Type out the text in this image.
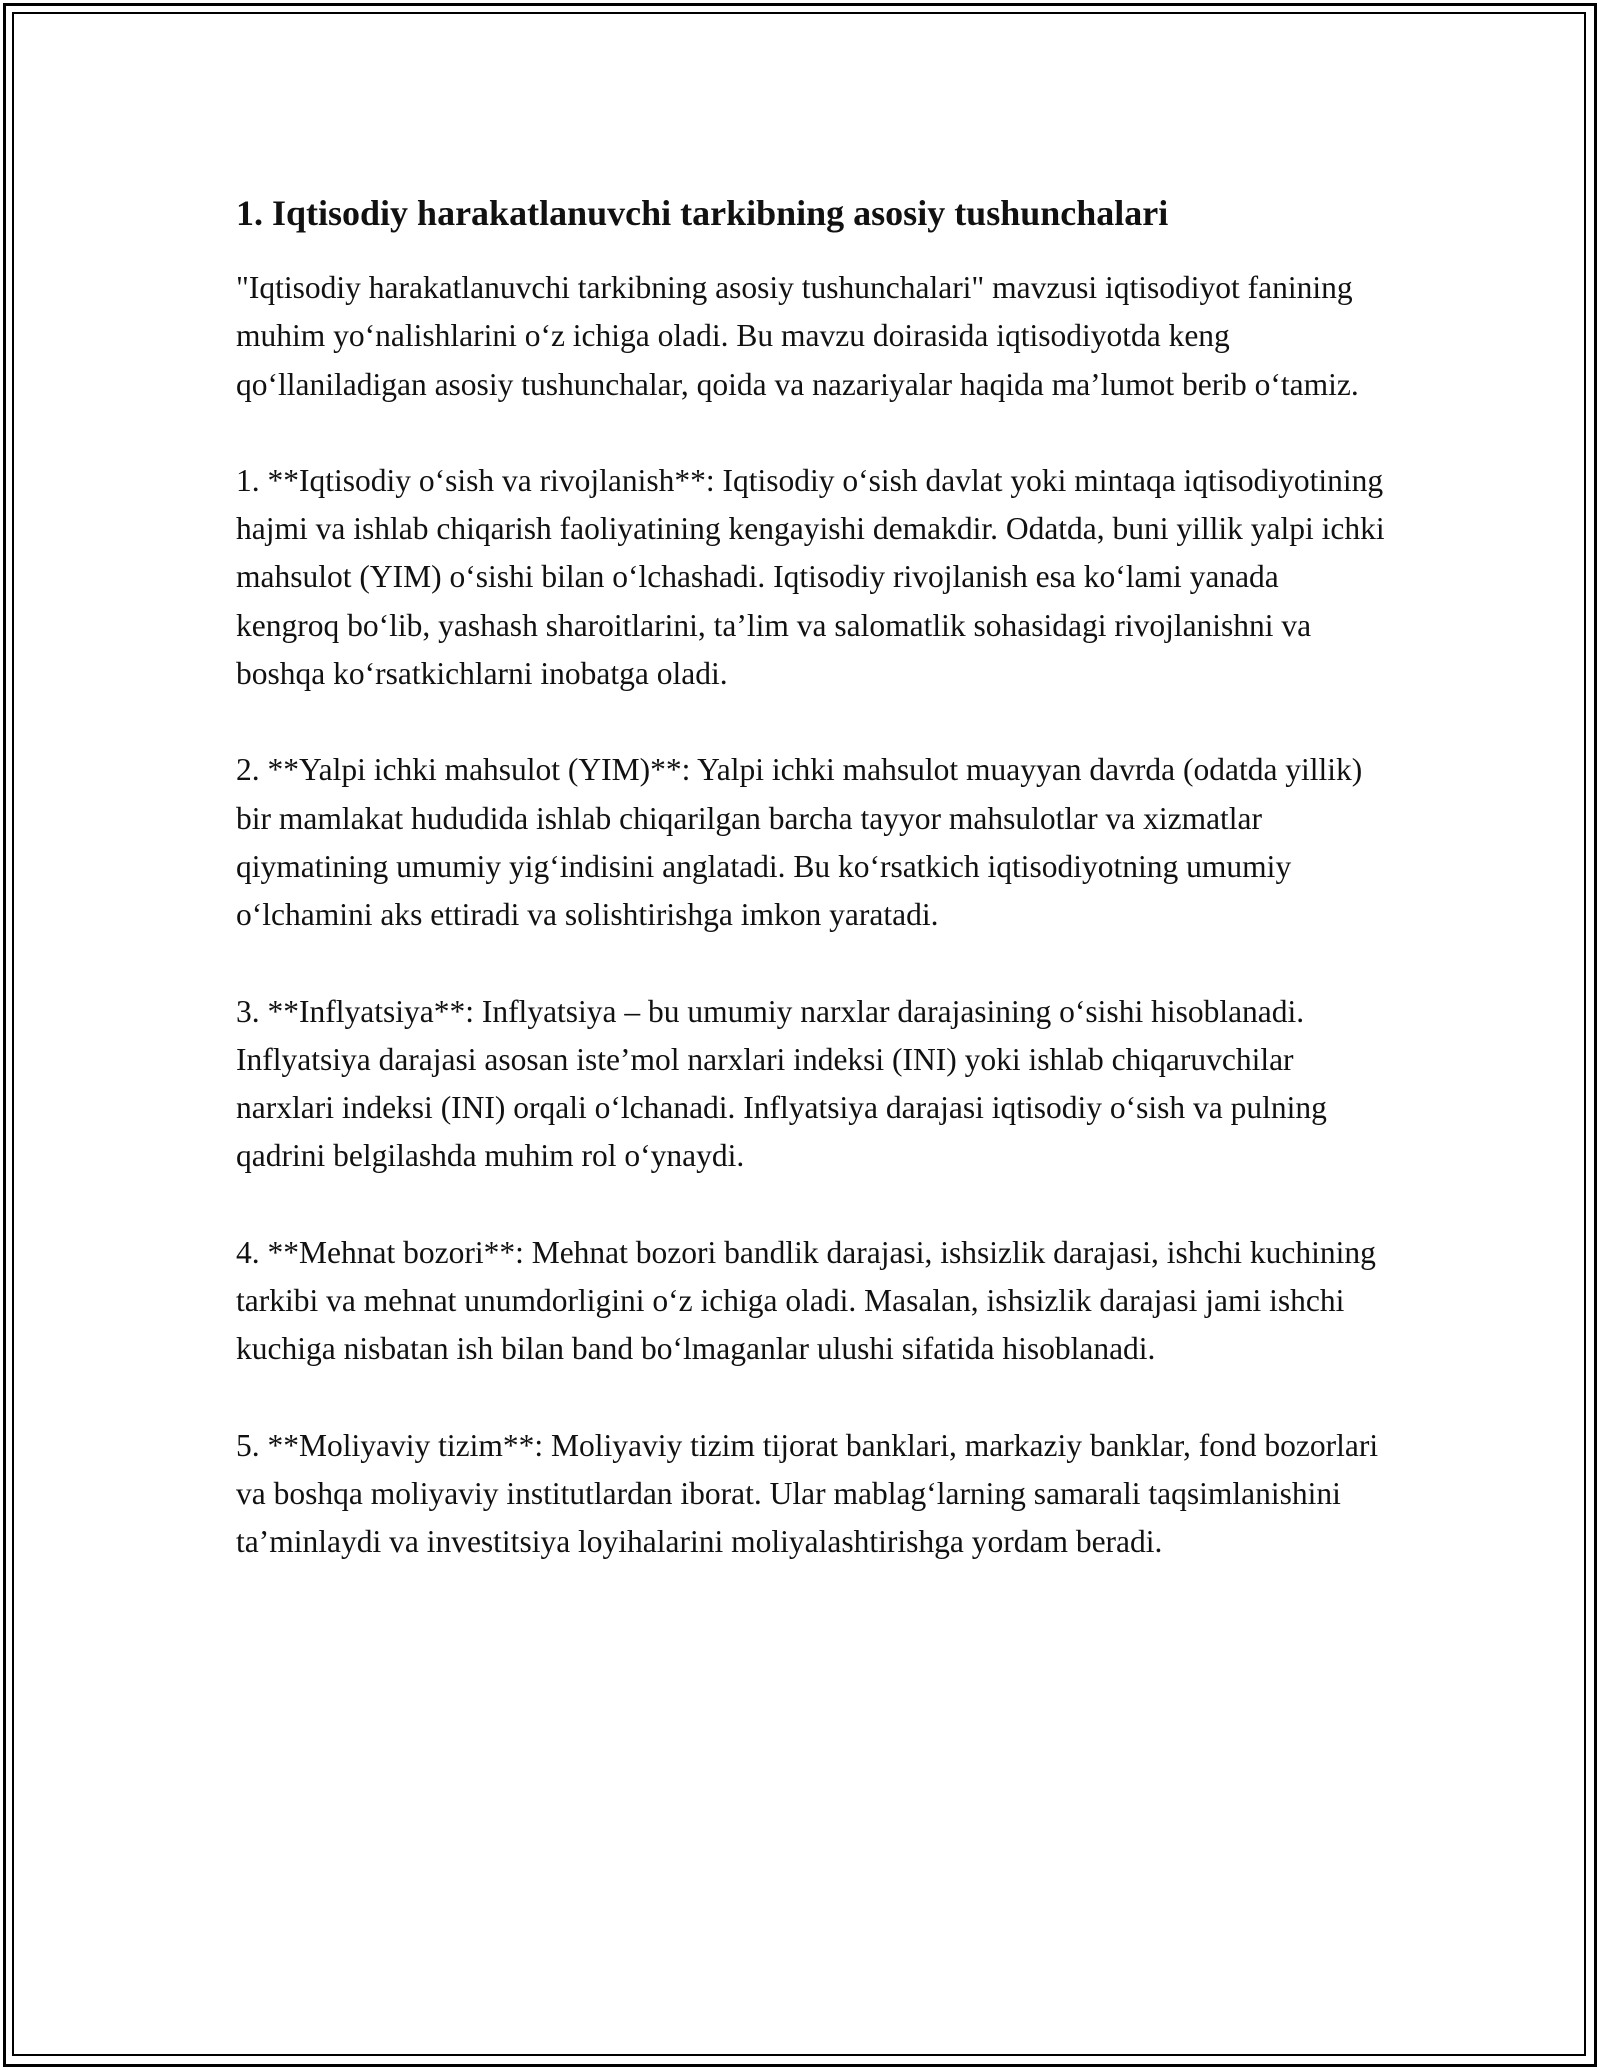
1. Iqtisodiy harakatlanuvchi tarkibning asosiy tushunchalari

"Iqtisodiy harakatlanuvchi tarkibning asosiy tushunchalari" mavzusi iqtisodiyot fanining muhim yoʻnalishlarini oʻz ichiga oladi. Bu mavzu doirasida iqtisodiyotda keng qoʻllaniladigan asosiy tushunchalar, qoida va nazariyalar haqida maʼlumot berib oʻtamiz.

1. **Iqtisodiy oʻsish va rivojlanish**: Iqtisodiy oʻsish davlat yoki mintaqa iqtisodiyotining hajmi va ishlab chiqarish faoliyatining kengayishi demakdir. Odatda, buni yillik yalpi ichki mahsulot (YIM) oʻsishi bilan oʻlchashadi. Iqtisodiy rivojlanish esa koʻlami yanada kengroq boʻlib, yashash sharoitlarini, taʼlim va salomatlik sohasidagi rivojlanishni va boshqa koʻrsatkichlarni inobatga oladi.

2. **Yalpi ichki mahsulot (YIM)**: Yalpi ichki mahsulot muayyan davrda (odatda yillik) bir mamlakat hududida ishlab chiqarilgan barcha tayyor mahsulotlar va xizmatlar qiymatining umumiy yigʻindisini anglatadi. Bu koʻrsatkich iqtisodiyotning umumiy oʻlchamini aks ettiradi va solishtirishga imkon yaratadi.

3. **Inflyatsiya**: Inflyatsiya – bu umumiy narxlar darajasining oʻsishi hisoblanadi. Inflyatsiya darajasi asosan isteʼmol narxlari indeksi (INI) yoki ishlab chiqaruvchilar narxlari indeksi (INI) orqali oʻlchanadi. Inflyatsiya darajasi iqtisodiy oʻsish va pulning qadrini belgilashda muhim rol oʻynaydi.

4. **Mehnat bozori**: Mehnat bozori bandlik darajasi, ishsizlik darajasi, ishchi kuchining tarkibi va mehnat unumdorligini oʻz ichiga oladi. Masalan, ishsizlik darajasi jami ishchi kuchiga nisbatan ish bilan band boʻlmaganlar ulushi sifatida hisoblanadi.

5. **Moliyaviy tizim**: Moliyaviy tizim tijorat banklari, markaziy banklar, fond bozorlari va boshqa moliyaviy institutlardan iborat. Ular mablagʻlarning samarali taqsimlanishini taʼminlaydi va investitsiya loyihalarini moliyalashtirishga yordam beradi.
